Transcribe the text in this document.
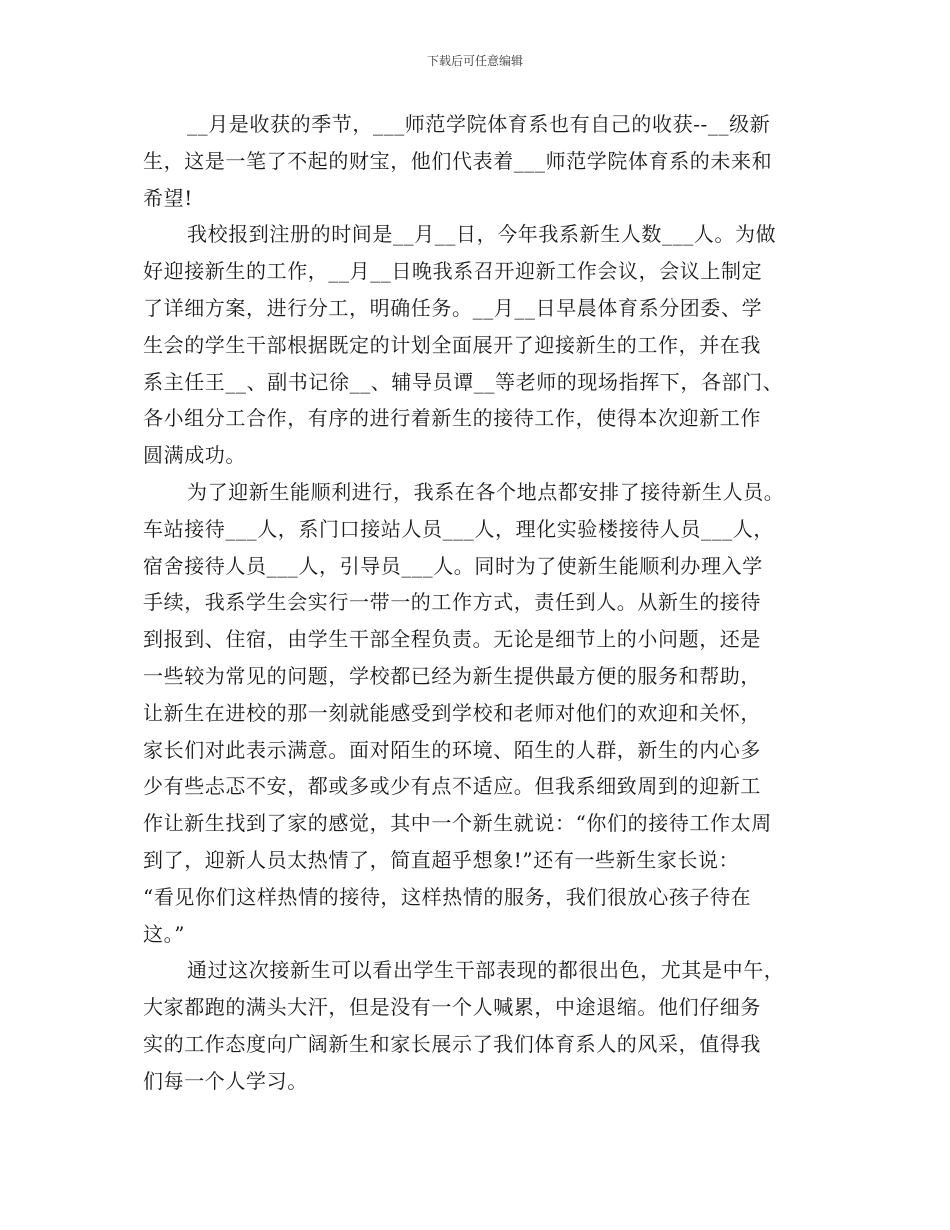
下载后可任意编辑

__月是收获的季节，___师范学院体育系也有自己的收获--__级新
生，这是一笔了不起的财宝，他们代表着___师范学院体育系的未来和
希望!

我校报到注册的时间是__月__日，今年我系新生人数___人。为做
好迎接新生的工作，__月__日晚我系召开迎新工作会议，会议上制定
了详细方案，进行分工，明确任务。__月__日早晨体育系分团委、学
生会的学生干部根据既定的计划全面展开了迎接新生的工作，并在我
系主任王__、副书记徐__、辅导员谭__等老师的现场指挥下，各部门、
各小组分工合作，有序的进行着新生的接待工作，使得本次迎新工作
圆满成功。

为了迎新生能顺利进行，我系在各个地点都安排了接待新生人员。
车站接待___人，系门口接站人员___人，理化实验楼接待人员___人，
宿舍接待人员___人，引导员___人。同时为了使新生能顺利办理入学
手续，我系学生会实行一带一的工作方式，责任到人。从新生的接待
到报到、住宿，由学生干部全程负责。无论是细节上的小问题，还是
一些较为常见的问题，学校都已经为新生提供最方便的服务和帮助，
让新生在进校的那一刻就能感受到学校和老师对他们的欢迎和关怀，
家长们对此表示满意。面对陌生的环境、陌生的人群，新生的内心多
少有些忐忑不安，都或多或少有点不适应。但我系细致周到的迎新工
作让新生找到了家的感觉，其中一个新生就说：“你们的接待工作太周
到了，迎新人员太热情了，简直超乎想象!”还有一些新生家长说：
“看见你们这样热情的接待，这样热情的服务，我们很放心孩子待在
这。”

通过这次接新生可以看出学生干部表现的都很出色，尤其是中午，
大家都跑的满头大汗，但是没有一个人喊累，中途退缩。他们仔细务
实的工作态度向广阔新生和家长展示了我们体育系人的风采，值得我
们每一个人学习。
